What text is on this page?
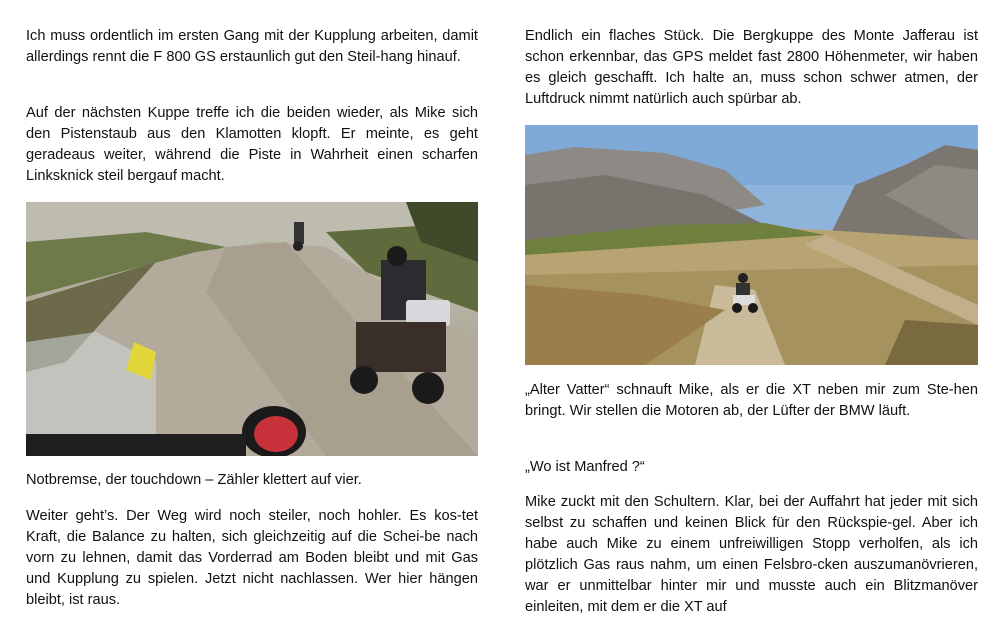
Ich muss ordentlich im ersten Gang mit der Kupplung arbeiten, damit allerdings rennt die F 800 GS erstaunlich gut den Steil-hang hinauf.

Auf der nächsten Kuppe treffe ich die beiden wieder, als Mike sich den Pistenstaub aus den Klamotten klopft. Er meinte, es geht geradeaus weiter, während die Piste in Wahrheit einen scharfen Linksknick steil bergauf macht.

Notbremse, der touchdown – Zähler klettert auf vier.

Weiter geht’s. Der Weg wird noch steiler, noch hohler. Es kos-tet Kraft, die Balance zu halten, sich gleichzeitig auf die Schei-be nach vorn zu lehnen, damit das Vorderrad am Boden bleibt und mit Gas und Kupplung zu spielen. Jetzt nicht nachlassen. Wer hier hängen bleibt, ist raus.

Endlich ein flaches Stück. Die Bergkuppe des Monte Jafferau ist schon erkennbar, das GPS meldet fast 2800 Höhenmeter, wir haben es gleich geschafft. Ich halte an, muss schon schwer atmen, der Luftdruck nimmt natürlich auch spürbar ab.

„Alter Vatter“ schnauft Mike, als er die XT neben mir zum Ste-hen bringt. Wir stellen die Motoren ab, der Lüfter der BMW läuft.

„Wo ist Manfred ?“

Mike zuckt mit den Schultern. Klar, bei der Auffahrt hat jeder mit sich selbst zu schaffen und keinen Blick für den Rückspie-gel. Aber ich habe auch Mike zu einem unfreiwilligen Stopp verholfen, als ich plötzlich Gas raus nahm, um einen Felsbro-cken auszumanövrieren, war er unmittelbar hinter mir und musste auch ein Blitzmanöver einleiten, mit dem er die XT auf
